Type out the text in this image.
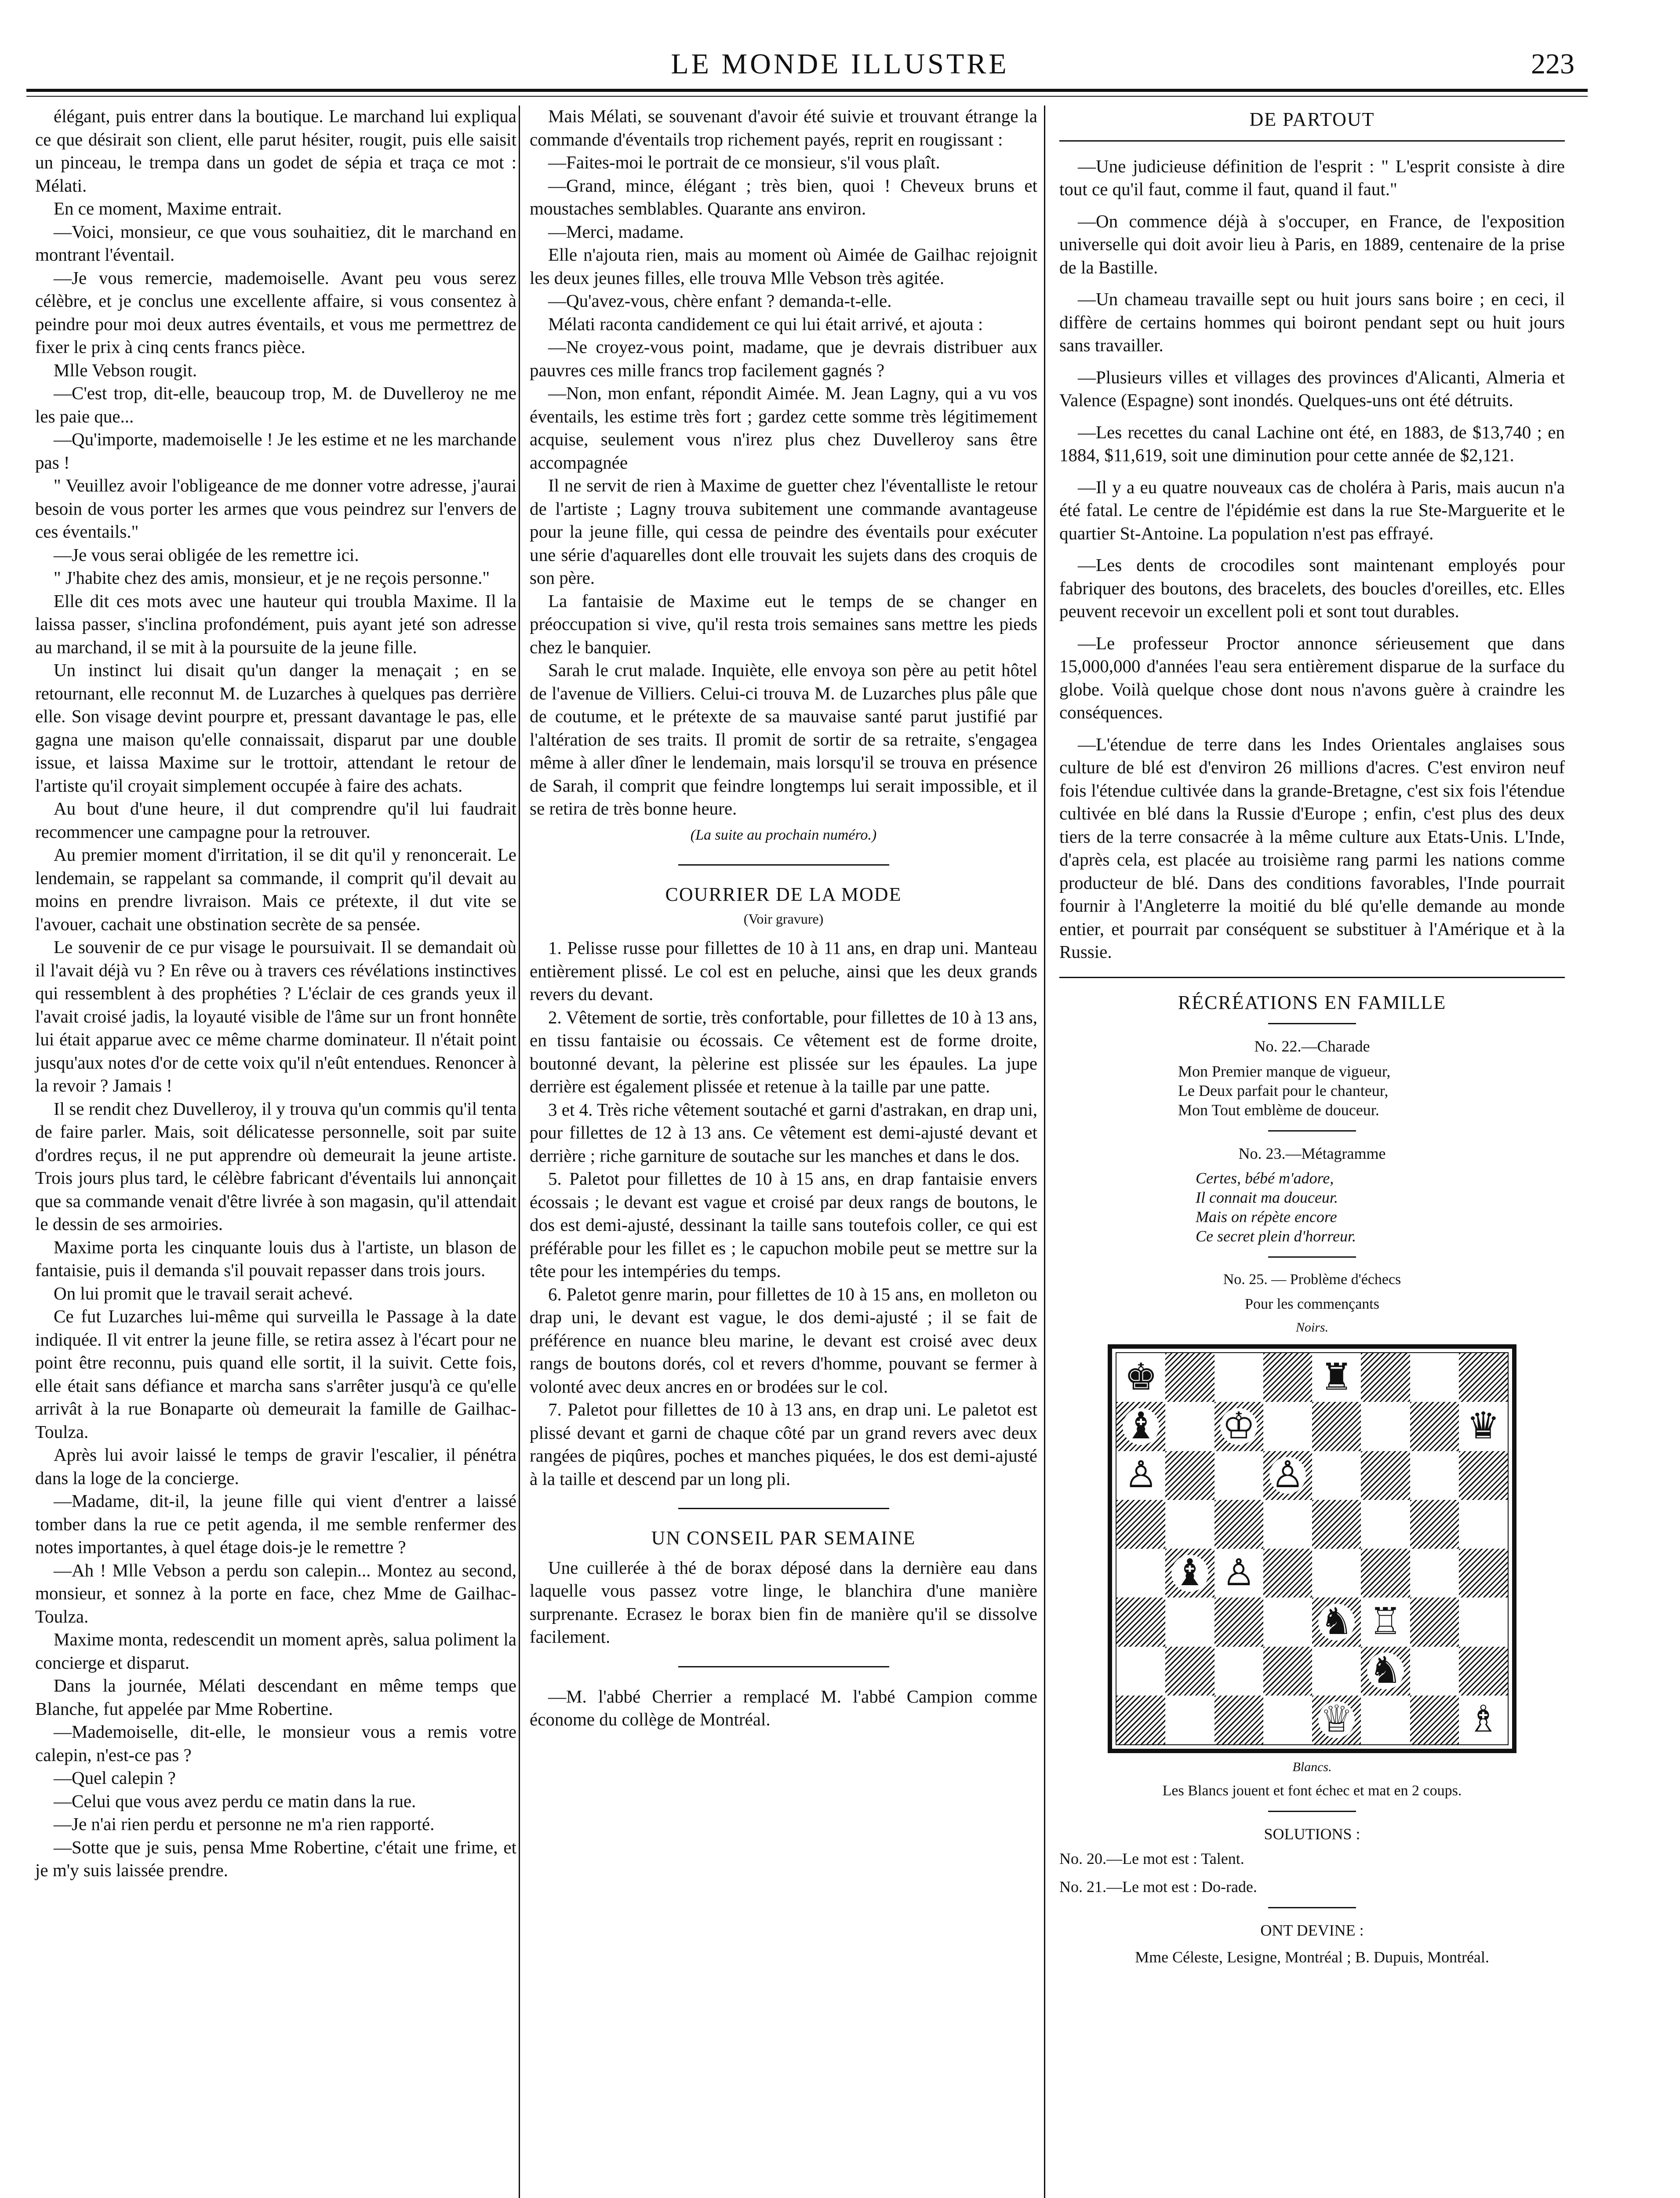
LE MONDE ILLUSTRE	223

élégant, puis entrer dans la boutique. Le marchand lui expliqua ce que désirait son client, elle parut hésiter, rougit, puis elle saisit un pinceau, le trempa dans un godet de sépia et traça ce mot : Mélati.

En ce moment, Maxime entrait.

—Voici, monsieur, ce que vous souhaitiez, dit le marchand en montrant l'éventail.

—Je vous remercie, mademoiselle. Avant peu vous serez célèbre, et je conclus une excellente affaire, si vous consentez à peindre pour moi deux autres éventails, et vous me permettrez de fixer le prix à cinq cents francs pièce.

Mlle Vebson rougit.

—C'est trop, dit-elle, beaucoup trop, M. de Duvelleroy ne me les paie que...

—Qu'importe, mademoiselle ! Je les estime et ne les marchande pas !

" Veuillez avoir l'obligeance de me donner votre adresse, j'aurai besoin de vous porter les armes que vous peindrez sur l'envers de ces éventails."

—Je vous serai obligée de les remettre ici.

" J'habite chez des amis, monsieur, et je ne reçois personne."

Elle dit ces mots avec une hauteur qui troubla Maxime. Il la laissa passer, s'inclina profondément, puis ayant jeté son adresse au marchand, il se mit à la poursuite de la jeune fille.

Un instinct lui disait qu'un danger la menaçait ; en se retournant, elle reconnut M. de Luzarches à quelques pas derrière elle. Son visage devint pourpre et, pressant davantage le pas, elle gagna une maison qu'elle connaissait, disparut par une double issue, et laissa Maxime sur le trottoir, attendant le retour de l'artiste qu'il croyait simplement occupée à faire des achats.

Au bout d'une heure, il dut comprendre qu'il lui faudrait recommencer une campagne pour la retrouver.

Au premier moment d'irritation, il se dit qu'il y renoncerait. Le lendemain, se rappelant sa commande, il comprit qu'il devait au moins en prendre livraison. Mais ce prétexte, il dut vite se l'avouer, cachait une obstination secrète de sa pensée.

Le souvenir de ce pur visage le poursuivait. Il se demandait où il l'avait déjà vu ? En rêve ou à travers ces révélations instinctives qui ressemblent à des prophéties ? L'éclair de ces grands yeux il l'avait croisé jadis, la loyauté visible de l'âme sur un front honnête lui était apparue avec ce même charme dominateur. Il n'était point jusqu'aux notes d'or de cette voix qu'il n'eût entendues. Renoncer à la revoir ? Jamais !

Il se rendit chez Duvelleroy, il y trouva qu'un commis qu'il tenta de faire parler. Mais, soit délicatesse personnelle, soit par suite d'ordres reçus, il ne put apprendre où demeurait la jeune artiste. Trois jours plus tard, le célèbre fabricant d'éventails lui annonçait que sa commande venait d'être livrée à son magasin, qu'il attendait le dessin de ses armoiries.

Maxime porta les cinquante louis dus à l'artiste, un blason de fantaisie, puis il demanda s'il pouvait repasser dans trois jours.

On lui promit que le travail serait achevé.

Ce fut Luzarches lui-même qui surveilla le Passage à la date indiquée. Il vit entrer la jeune fille, se retira assez à l'écart pour ne point être reconnu, puis quand elle sortit, il la suivit. Cette fois, elle était sans défiance et marcha sans s'arrêter jusqu'à ce qu'elle arrivât à la rue Bonaparte où demeurait la famille de Gailhac-Toulza.

Après lui avoir laissé le temps de gravir l'escalier, il pénétra dans la loge de la concierge.

—Madame, dit-il, la jeune fille qui vient d'entrer a laissé tomber dans la rue ce petit agenda, il me semble renfermer des notes importantes, à quel étage dois-je le remettre ?

—Ah ! Mlle Vebson a perdu son calepin... Montez au second, monsieur, et sonnez à la porte en face, chez Mme de Gailhac-Toulza.

Maxime monta, redescendit un moment après, salua poliment la concierge et disparut.

Dans la journée, Mélati descendant en même temps que Blanche, fut appelée par Mme Robertine.

—Mademoiselle, dit-elle, le monsieur vous a remis votre calepin, n'est-ce pas ?

—Quel calepin ?

—Celui que vous avez perdu ce matin dans la rue.

—Je n'ai rien perdu et personne ne m'a rien rapporté.

—Sotte que je suis, pensa Mme Robertine, c'était une frime, et je m'y suis laissée prendre.

Mais Mélati, se souvenant d'avoir été suivie et trouvant étrange la commande d'éventails trop richement payés, reprit en rougissant :

—Faites-moi le portrait de ce monsieur, s'il vous plaît.

—Grand, mince, élégant ; très bien, quoi ! Cheveux bruns et moustaches semblables. Quarante ans environ.

—Merci, madame.

Elle n'ajouta rien, mais au moment où Aimée de Gailhac rejoignit les deux jeunes filles, elle trouva Mlle Vebson très agitée.

—Qu'avez-vous, chère enfant ? demanda-t-elle.

Mélati raconta candidement ce qui lui était arrivé, et ajouta :

—Ne croyez-vous point, madame, que je devrais distribuer aux pauvres ces mille francs trop facilement gagnés ?

—Non, mon enfant, répondit Aimée. M. Jean Lagny, qui a vu vos éventails, les estime très fort ; gardez cette somme très légitimement acquise, seulement vous n'irez plus chez Duvelleroy sans être accompagnée

Il ne servit de rien à Maxime de guetter chez l'éventalliste le retour de l'artiste ; Lagny trouva subitement une commande avantageuse pour la jeune fille, qui cessa de peindre des éventails pour exécuter une série d'aquarelles dont elle trouvait les sujets dans des croquis de son père.

La fantaisie de Maxime eut le temps de se changer en préoccupation si vive, qu'il resta trois semaines sans mettre les pieds chez le banquier.

Sarah le crut malade. Inquiète, elle envoya son père au petit hôtel de l'avenue de Villiers. Celui-ci trouva M. de Luzarches plus pâle que de coutume, et le prétexte de sa mauvaise santé parut justifié par l'altération de ses traits. Il promit de sortir de sa retraite, s'engagea même à aller dîner le lendemain, mais lorsqu'il se trouva en présence de Sarah, il comprit que feindre longtemps lui serait impossible, et il se retira de très bonne heure.

(La suite au prochain numéro.)
COURRIER DE LA MODE
(Voir gravure)

1. Pelisse russe pour fillettes de 10 à 11 ans, en drap uni. Manteau entièrement plissé. Le col est en peluche, ainsi que les deux grands revers du devant.

2. Vêtement de sortie, très confortable, pour fillettes de 10 à 13 ans, en tissu fantaisie ou écossais. Ce vêtement est de forme droite, boutonné devant, la pèlerine est plissée sur les épaules. La jupe derrière est également plissée et retenue à la taille par une patte.

3 et 4. Très riche vêtement soutaché et garni d'astrakan, en drap uni, pour fillettes de 12 à 13 ans. Ce vêtement est demi-ajusté devant et derrière ; riche garniture de soutache sur les manches et dans le dos.

5. Paletot pour fillettes de 10 à 15 ans, en drap fantaisie envers écossais ; le devant est vague et croisé par deux rangs de boutons, le dos est demi-ajusté, dessinant la taille sans toutefois coller, ce qui est préférable pour les fillet es ; le capuchon mobile peut se mettre sur la tête pour les intempéries du temps.

6. Paletot genre marin, pour fillettes de 10 à 15 ans, en molleton ou drap uni, le devant est vague, le dos demi-ajusté ; il se fait de préférence en nuance bleu marine, le devant est croisé avec deux rangs de boutons dorés, col et revers d'homme, pouvant se fermer à volonté avec deux ancres en or brodées sur le col.

7. Paletot pour fillettes de 10 à 13 ans, en drap uni. Le paletot est plissé devant et garni de chaque côté par un grand revers avec deux rangées de piqûres, poches et manches piquées, le dos est demi-ajusté à la taille et descend par un long pli.

UN CONSEIL PAR SEMAINE

Une cuillerée à thé de borax déposé dans la dernière eau dans laquelle vous passez votre linge, le blanchira d'une manière surprenante. Ecrasez le borax bien fin de manière qu'il se dissolve facilement.

—M. l'abbé Cherrier a remplacé M. l'abbé Campion comme économe du collège de Montréal.

DE PARTOUT

—Une judicieuse définition de l'esprit : " L'esprit consiste à dire tout ce qu'il faut, comme il faut, quand il faut."

—On commence déjà à s'occuper, en France, de l'exposition universelle qui doit avoir lieu à Paris, en 1889, centenaire de la prise de la Bastille.

—Un chameau travaille sept ou huit jours sans boire ; en ceci, il diffère de certains hommes qui boiront pendant sept ou huit jours sans travailler.

—Plusieurs villes et villages des provinces d'Alicanti, Almeria et Valence (Espagne) sont inondés. Quelques-uns ont été détruits.

—Les recettes du canal Lachine ont été, en 1883, de $13,740 ; en 1884, $11,619, soit une diminution pour cette année de $2,121.

—Il y a eu quatre nouveaux cas de choléra à Paris, mais aucun n'a été fatal. Le centre de l'épidémie est dans la rue Ste-Marguerite et le quartier St-Antoine. La population n'est pas effrayé.

—Les dents de crocodiles sont maintenant employés pour fabriquer des boutons, des bracelets, des boucles d'oreilles, etc. Elles peuvent recevoir un excellent poli et sont tout durables.

—Le professeur Proctor annonce sérieusement que dans 15,000,000 d'années l'eau sera entièrement disparue de la surface du globe. Voilà quelque chose dont nous n'avons guère à craindre les conséquences.

—L'étendue de terre dans les Indes Orientales anglaises sous culture de blé est d'environ 26 millions d'acres. C'est environ neuf fois l'étendue cultivée dans la grande-Bretagne, c'est six fois l'étendue cultivée en blé dans la Russie d'Europe ; enfin, c'est plus des deux tiers de la terre consacrée à la même culture aux Etats-Unis. L'Inde, d'après cela, est placée au troisième rang parmi les nations comme producteur de blé. Dans des conditions favorables, l'Inde pourrait fournir à l'Angleterre la moitié du blé qu'elle demande au monde entier, et pourrait par conséquent se substituer à l'Amérique et à la Russie.

RÉCRÉATIONS EN FAMILLE
No. 22.—Charade
Mon Premier manque de vigueur,
Le Deux parfait pour le chanteur,
Mon Tout emblème de douceur.
No. 23.—Métagramme
Certes, bébé m'adore,
Il connait ma douceur.
Mais on répète encore
Ce secret plein d'horreur.
No. 25. — Problème d'échecs
Pour les commençants
Noirs.
♚	♜
♝ ♔	♛
♙	♙
♝ ♙
♞ ♖
♞
♕	♗
Blancs.
Les Blancs jouent et font échec et mat en 2 coups.
SOLUTIONS :

No. 20.—Le mot est : Talent.

No. 21.—Le mot est : Do-rade.

ONT DEVINE :

Mme Céleste, Lesigne, Montréal ; B. Dupuis, Montréal.
